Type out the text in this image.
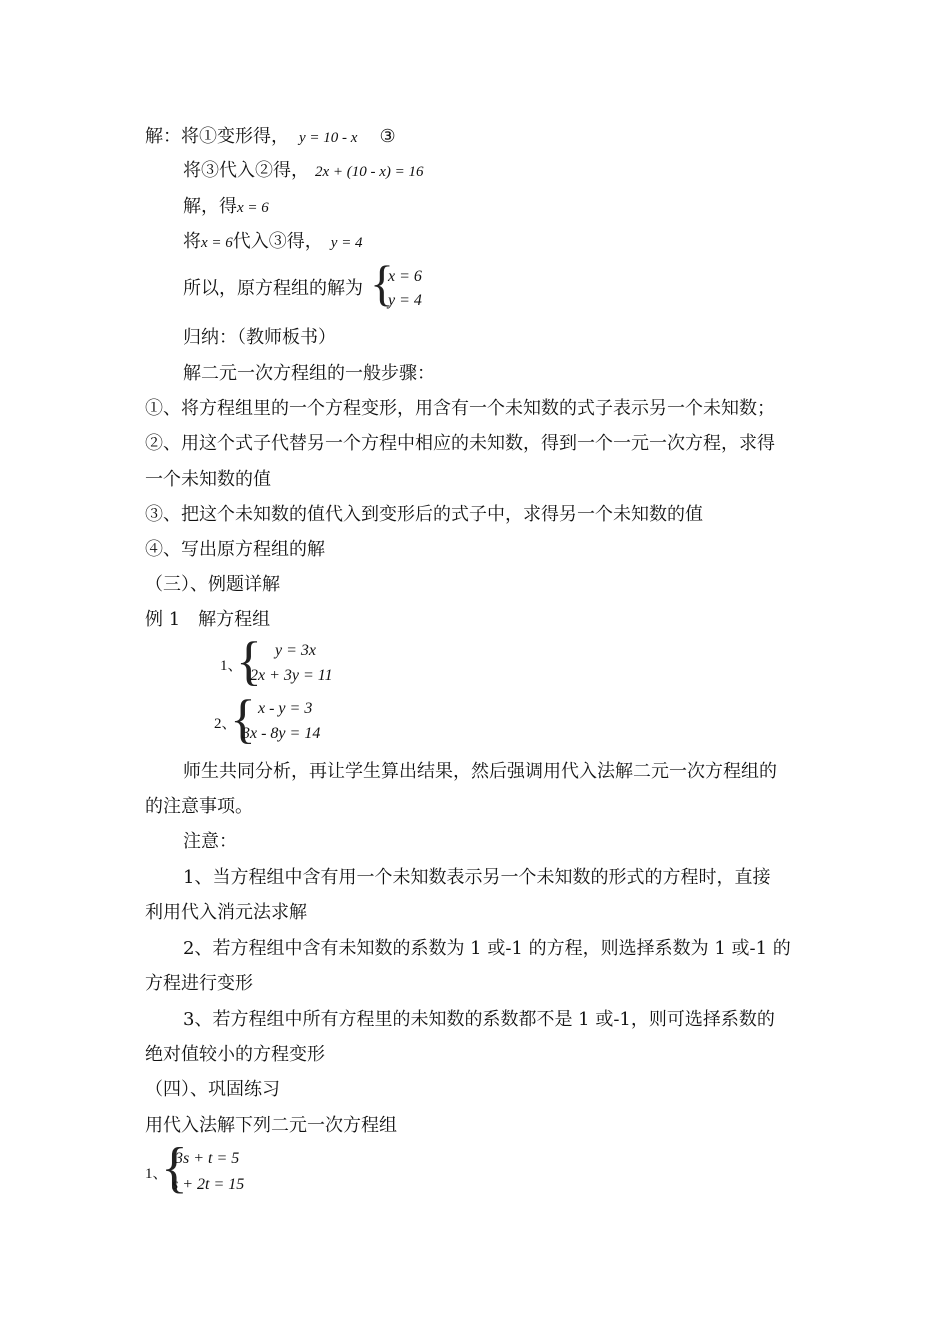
解：将①变形得， y = 10 - x ③
将③代入②得， 2x + (10 - x) = 16
解，得x = 6
将x = 6代入③得， y = 4
所以，原方程组的解为 {
x = 6
y = 4
归纳：（教师板书）
解二元一次方程组的一般步骤：
①、将方程组里的一个方程变形，用含有一个未知数的式子表示另一个未知数；
②、用这个式子代替另一个方程中相应的未知数，得到一个一元一次方程，求得
一个未知数的值
③、把这个未知数的值代入到变形后的式子中，求得另一个未知数的值
④、写出原方程组的解
（三）、例题详解
例 1　解方程组
1、
{ y = 3x
2x + 3y = 11
2、
{ x - y = 3
3x - 8y = 14
师生共同分析，再让学生算出结果，然后强调用代入法解二元一次方程组的
的注意事项。
注意：
1、当方程组中含有用一个未知数表示另一个未知数的形式的方程时，直接
利用代入消元法求解
2、若方程组中含有未知数的系数为 1 或-1 的方程，则选择系数为 1 或-1 的
方程进行变形
3、若方程组中所有方程里的未知数的系数都不是 1 或-1，则可选择系数的
绝对值较小的方程变形
（四）、巩固练习
用代入法解下列二元一次方程组
1、
{
3s + t = 5
s + 2t = 15
